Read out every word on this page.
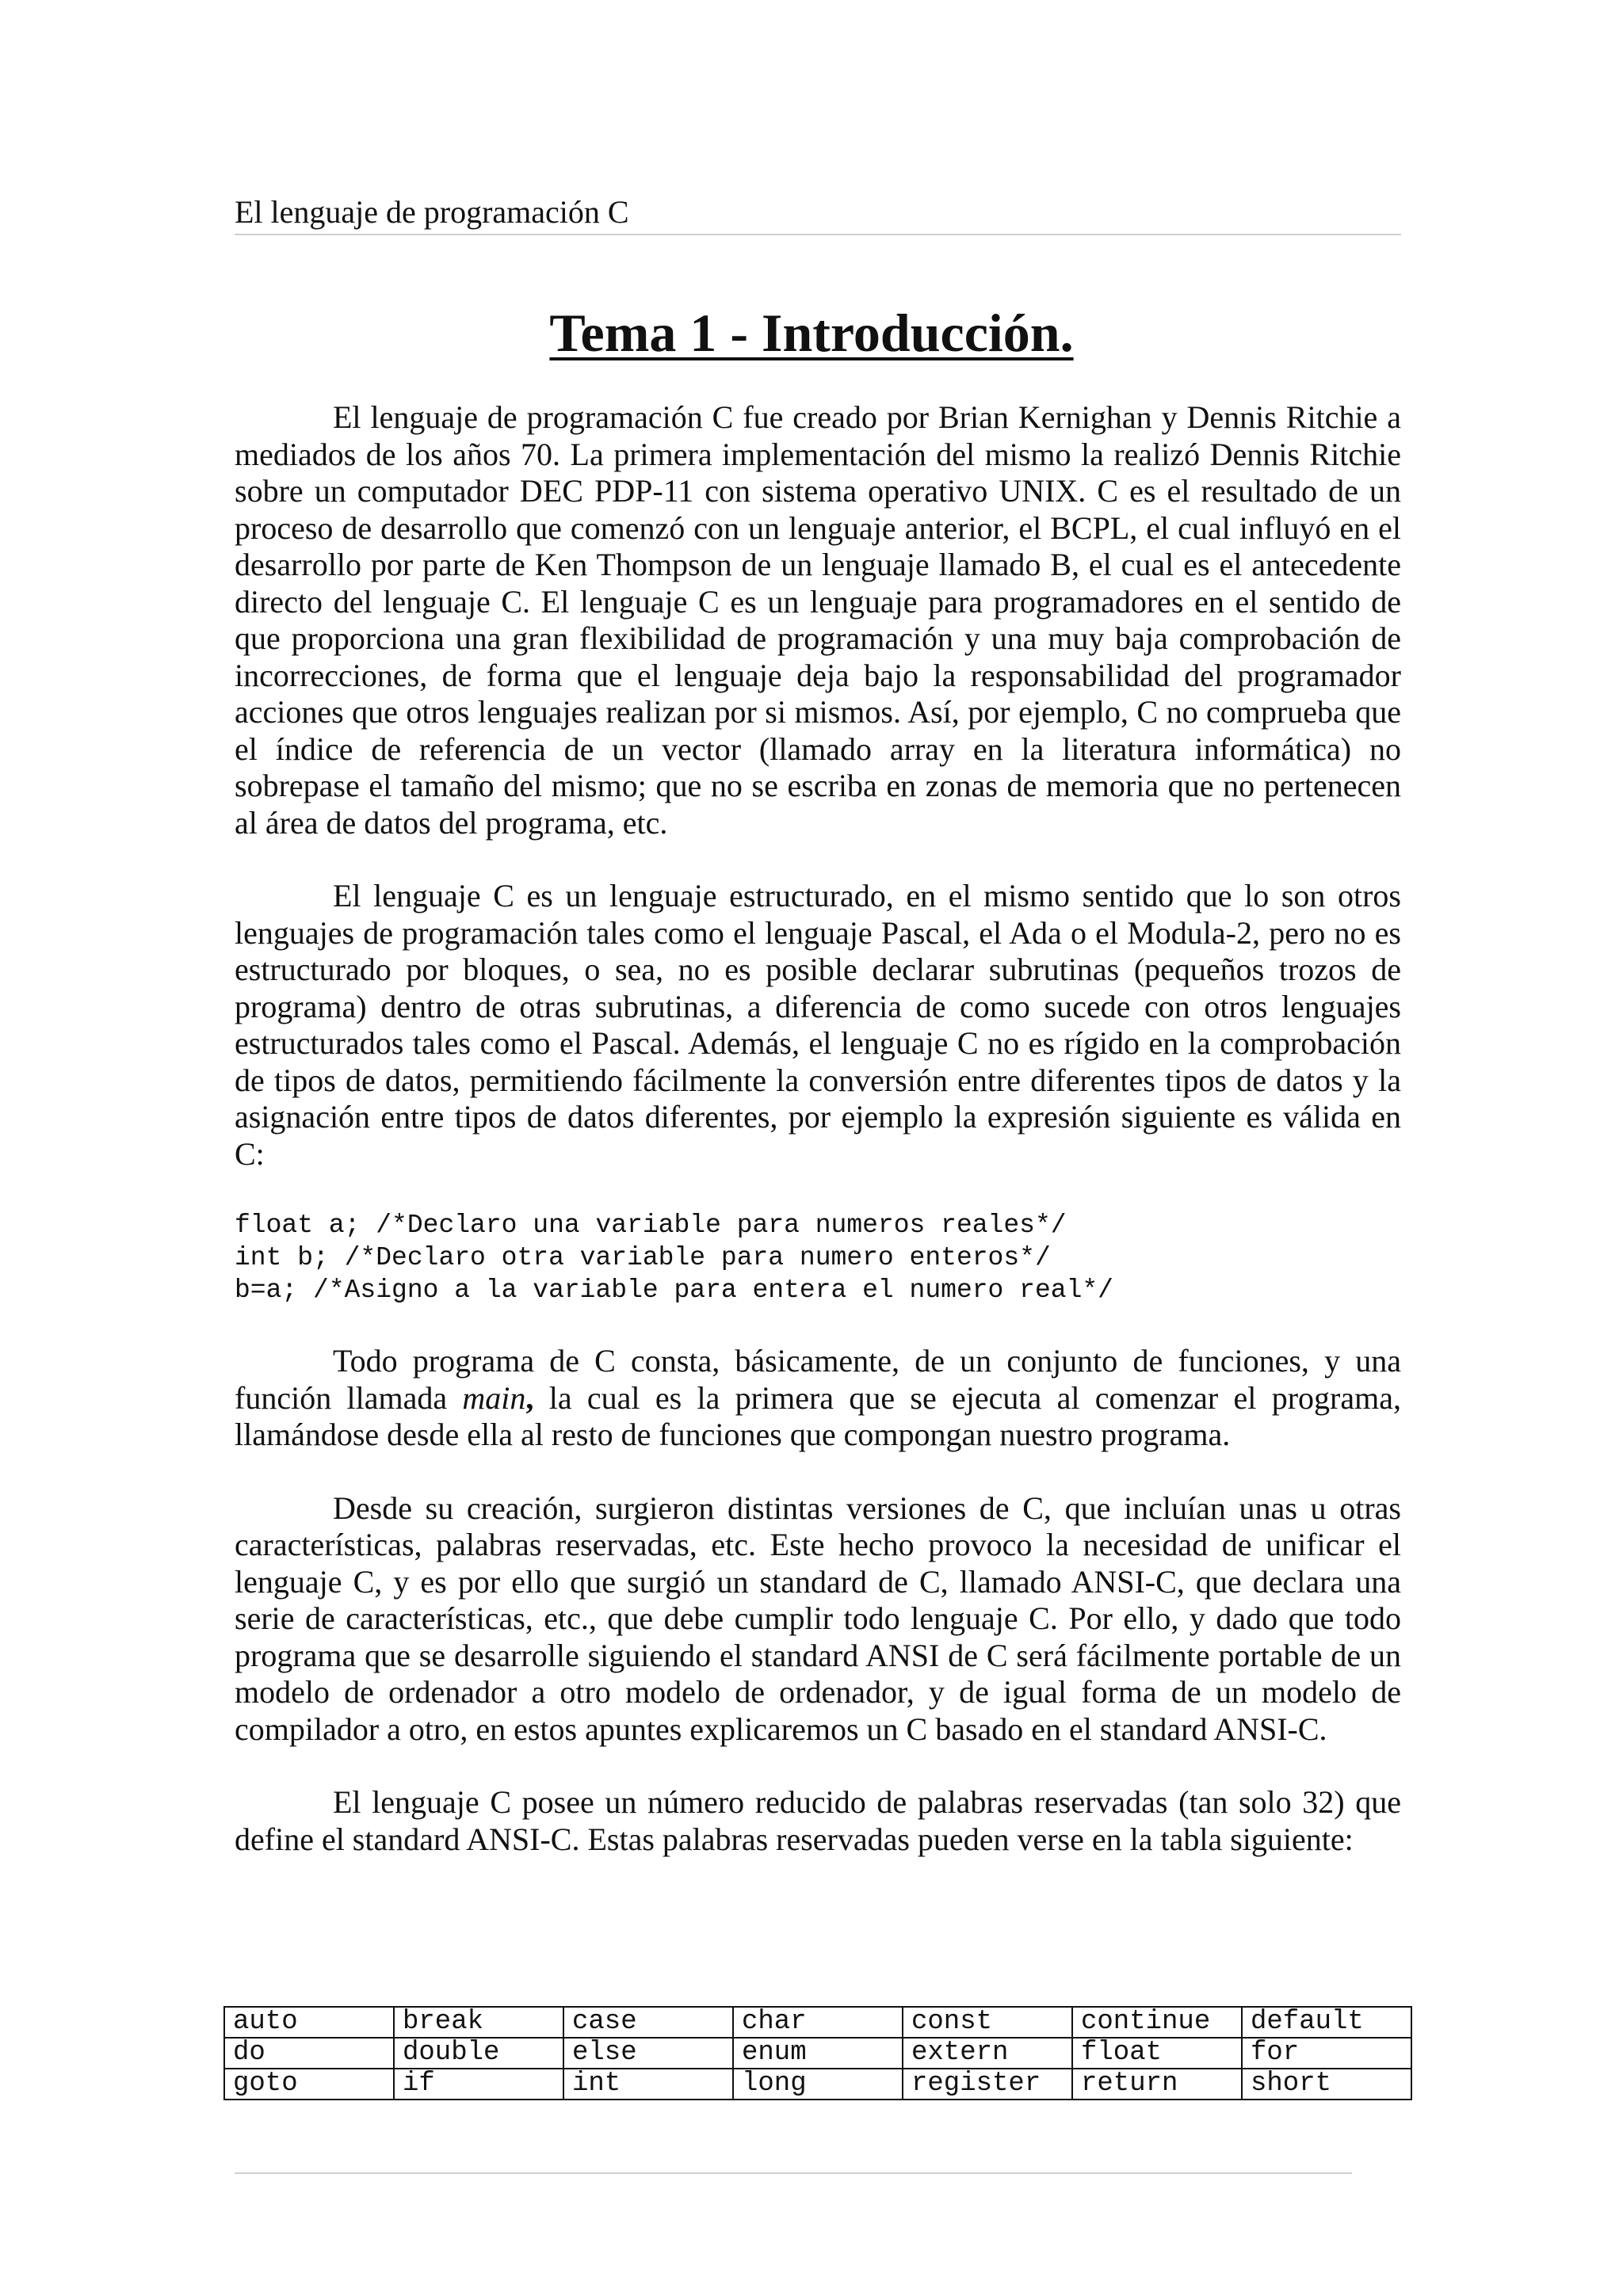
El lenguaje de programación C
Tema 1 - Introducción.

El lenguaje de programación C fue creado por Brian Kernighan y Dennis Ritchie a mediados de los años 70. La primera implementación del mismo la realizó Dennis Ritchie sobre un computador DEC PDP-11 con sistema operativo UNIX. C es el resultado de un proceso de desarrollo que comenzó con un lenguaje anterior, el BCPL, el cual influyó en el desarrollo por parte de Ken Thompson de un lenguaje llamado B, el cual es el antecedente directo del lenguaje C. El lenguaje C es un lenguaje para programadores en el sentido de que proporciona una gran flexibilidad de programación y una muy baja comprobación de incorrecciones, de forma que el lenguaje deja bajo la responsabilidad del programador acciones que otros lenguajes realizan por si mismos. Así, por ejemplo, C no comprueba que el índice de referencia de un vector (llamado array en la literatura informática) no sobrepase el tamaño del mismo; que no se escriba en zonas de memoria que no pertenecen al área de datos del programa, etc.

El lenguaje C es un lenguaje estructurado, en el mismo sentido que lo son otros lenguajes de programación tales como el lenguaje Pascal, el Ada o el Modula-2, pero no es estructurado por bloques, o sea, no es posible declarar subrutinas (pequeños trozos de programa) dentro de otras subrutinas, a diferencia de como sucede con otros lenguajes estructurados tales como el Pascal. Además, el lenguaje C no es rígido en la comprobación de tipos de datos, permitiendo fácilmente la conversión entre diferentes tipos de datos y la asignación entre tipos de datos diferentes, por ejemplo la expresión siguiente es válida en C:

float a; /*Declaro una variable para numeros reales*/
int b; /*Declaro otra variable para numero enteros*/
b=a; /*Asigno a la variable para entera el numero real*/

Todo programa de C consta, básicamente, de un conjunto de funciones, y una función llamada main, la cual es la primera que se ejecuta al comenzar el programa, llamándose desde ella al resto de funciones que compongan nuestro programa.

Desde su creación, surgieron distintas versiones de C, que incluían unas u otras características, palabras reservadas, etc. Este hecho provoco la necesidad de unificar el lenguaje C, y es por ello que surgió un standard de C, llamado ANSI-C, que declara una serie de características, etc., que debe cumplir todo lenguaje C. Por ello, y dado que todo programa que se desarrolle siguiendo el standard ANSI de C será fácilmente portable de un modelo de ordenador a otro modelo de ordenador, y de igual forma de un modelo de compilador a otro, en estos apuntes explicaremos un C basado en el standard ANSI-C.

El lenguaje C posee un número reducido de palabras reservadas (tan solo 32) que define el standard ANSI-C. Estas palabras reservadas pueden verse en la tabla siguiente:

auto	break	case	char	const	continue	default
do	double	else	enum	extern	float	for
goto	if	int	long	register	return	short
